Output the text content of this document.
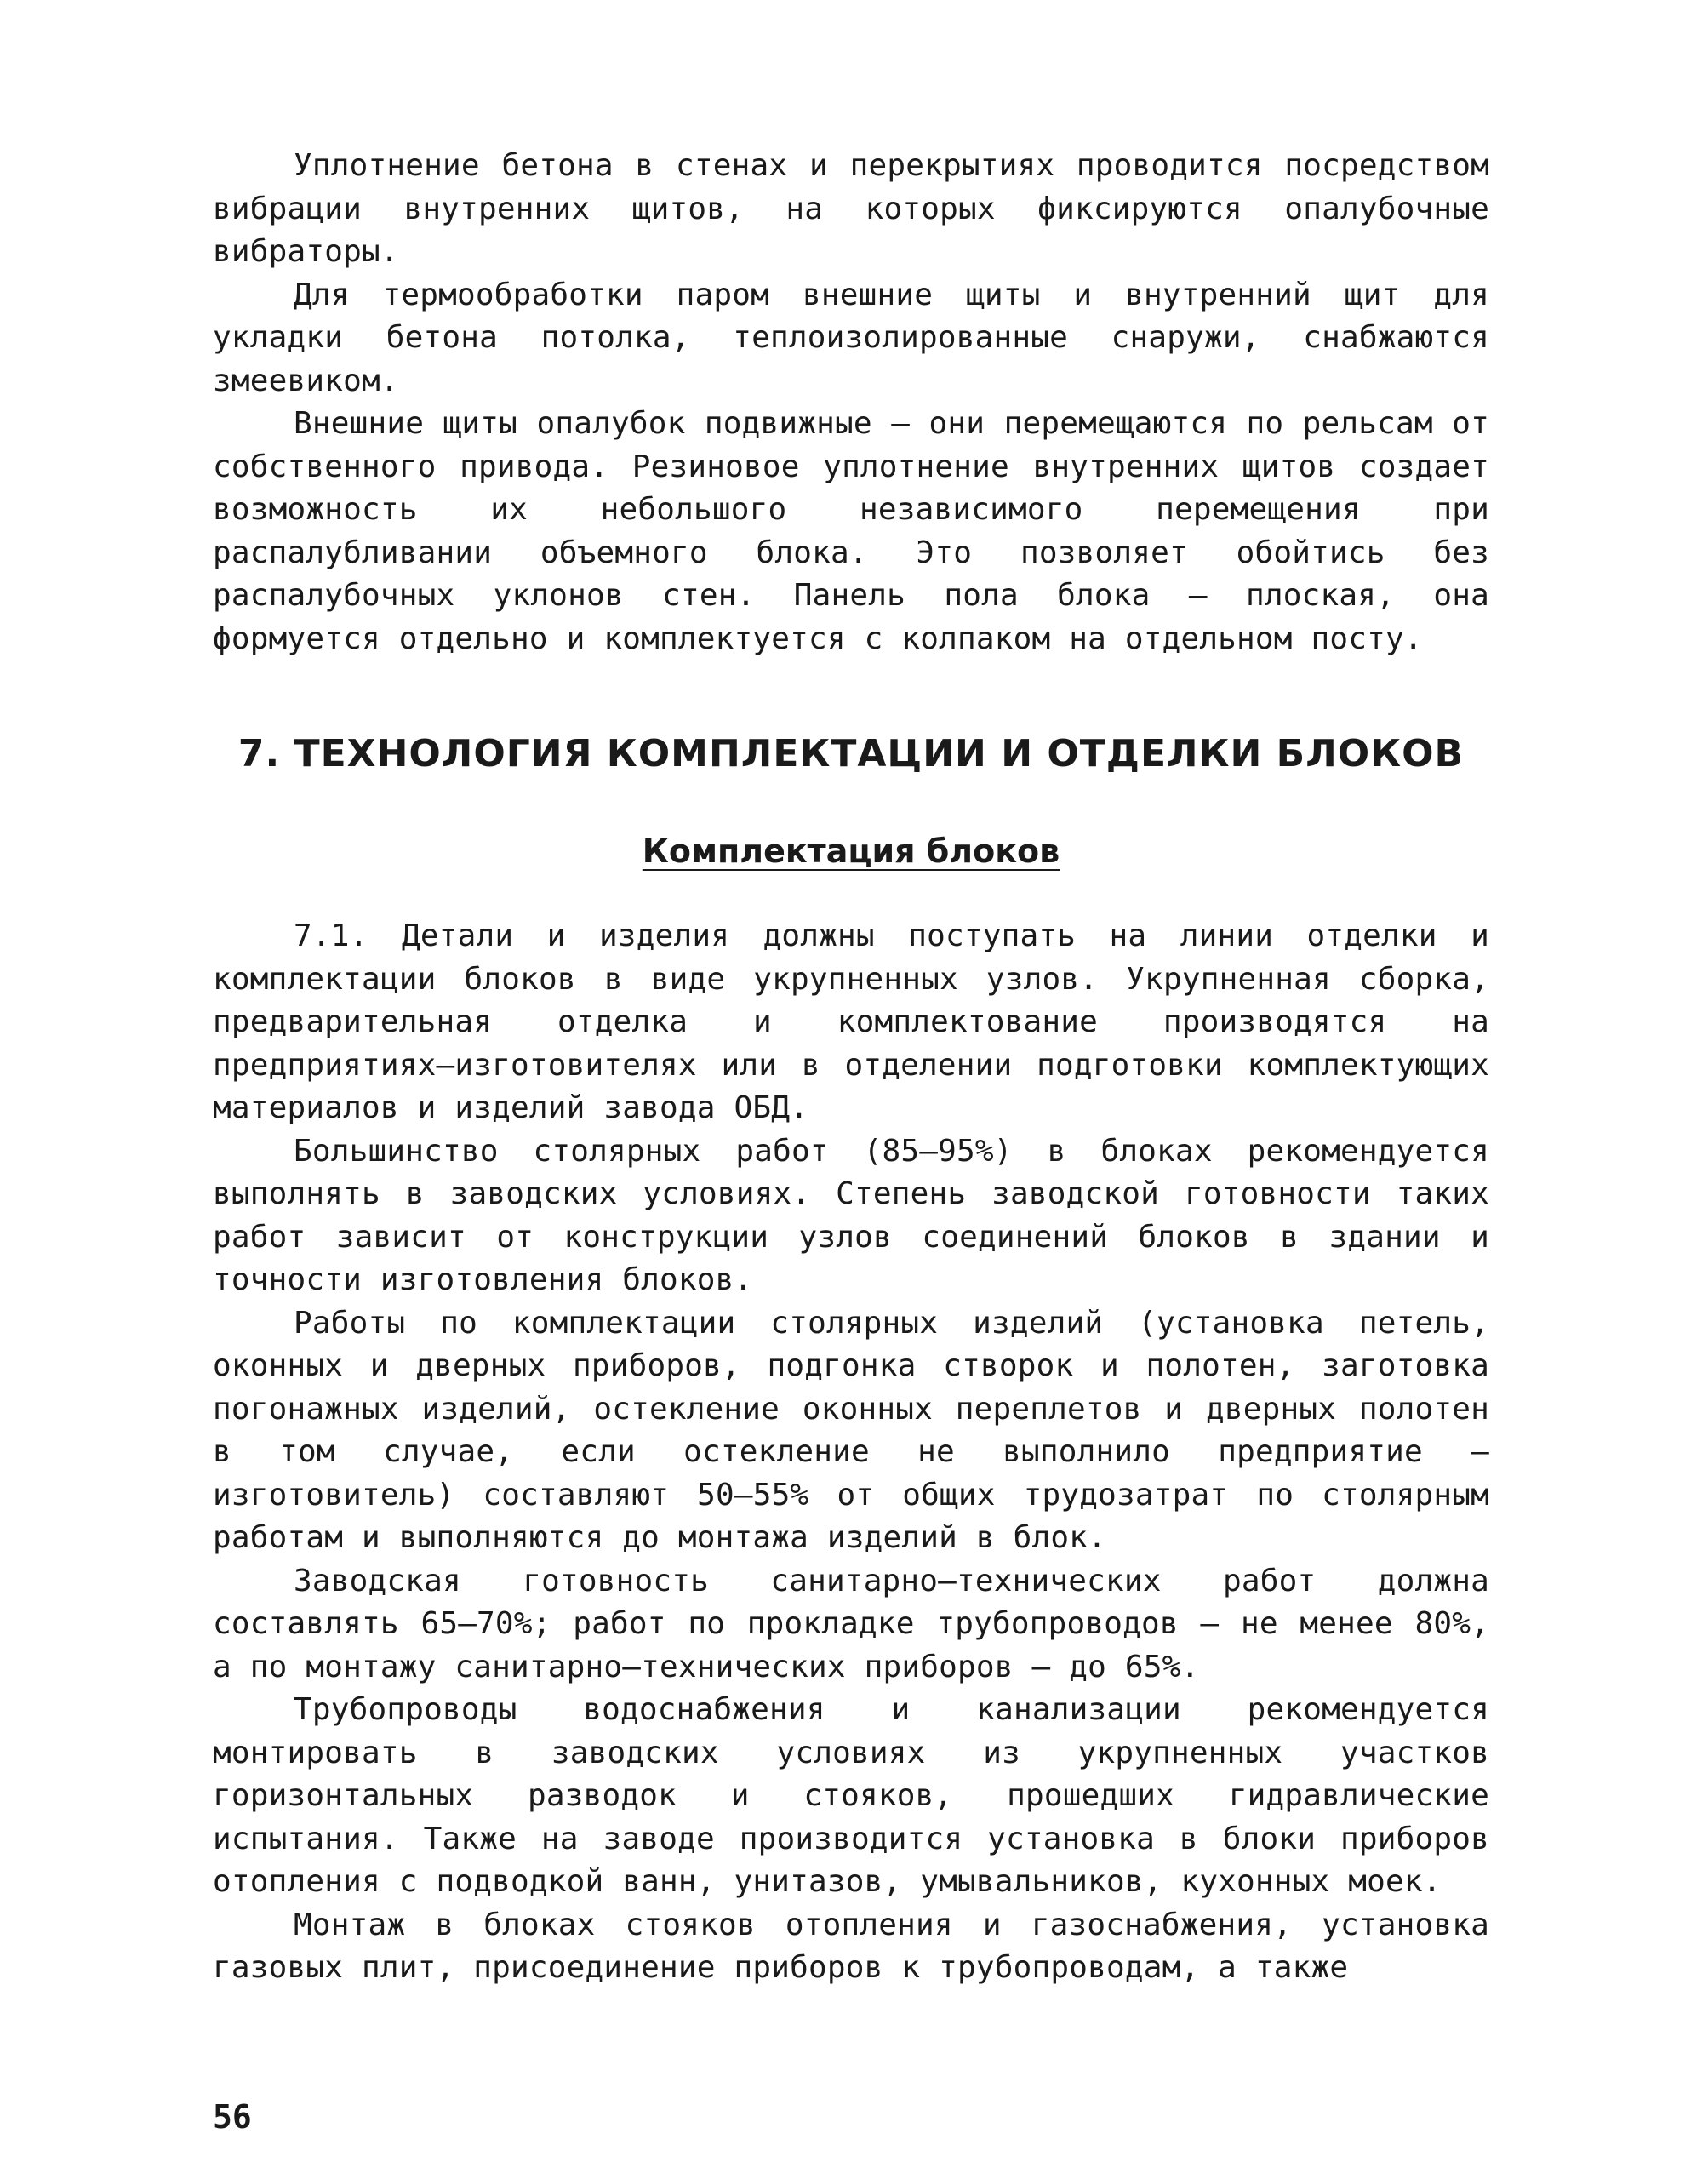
Уплотнение бетона в стенах и перекрытиях проводится посредством вибрации внутренних щитов, на которых фиксируются опалубочные вибраторы.

Для термообработки паром внешние щиты и внутренний щит для укладки бетона потолка, теплоизолированные снаружи, снабжаются змеевиком.

Внешние щиты опалубок подвижные – они перемещаются по рельсам от собственного привода. Резиновое уплотнение внутренних щитов создает возможность их небольшого независимого перемещения при распалубливании объемного блока. Это позволяет обойтись без распалубочных уклонов стен. Панель пола блока – плоская, она формуется отдельно и комплектуется с колпаком на отдельном посту.

7. ТЕХНОЛОГИЯ КОМПЛЕКТАЦИИ И ОТДЕЛКИ БЛОКОВ
Комплектация блоков

7.1. Детали и изделия должны поступать на линии отделки и комплектации блоков в виде укрупненных узлов. Укрупненная сборка, предварительная отделка и комплектование производятся на предприятиях–изготовителях или в отделении подготовки комплектующих материалов и изделий завода ОБД.

Большинство столярных работ (85–95%) в блоках рекомендуется выполнять в заводских условиях. Степень заводской готовности таких работ зависит от конструкции узлов соединений блоков в здании и точности изготовления блоков.

Работы по комплектации столярных изделий (установка петель, оконных и дверных приборов, подгонка створок и полотен, заготовка погонажных изделий, остекление оконных переплетов и дверных полотен в том случае, если остекление не выполнило предприятие – изготовитель) составляют 50–55% от общих трудозатрат по столярным работам и выполняются до монтажа изделий в блок.

Заводская готовность санитарно–технических работ должна составлять 65–70%; работ по прокладке трубопроводов – не менее 80%, а по монтажу санитарно–технических приборов – до 65%.

Трубопроводы водоснабжения и канализации рекомендуется монтировать в заводских условиях из укрупненных участков горизонтальных разводок и стояков, прошедших гидравлические испытания. Также на заводе производится установка в блоки приборов отопления с подводкой ванн, унитазов, умывальников, кухонных моек.

Монтаж в блоках стояков отопления и газоснабжения, установка газовых плит, присоединение приборов к трубопроводам, а также

56
